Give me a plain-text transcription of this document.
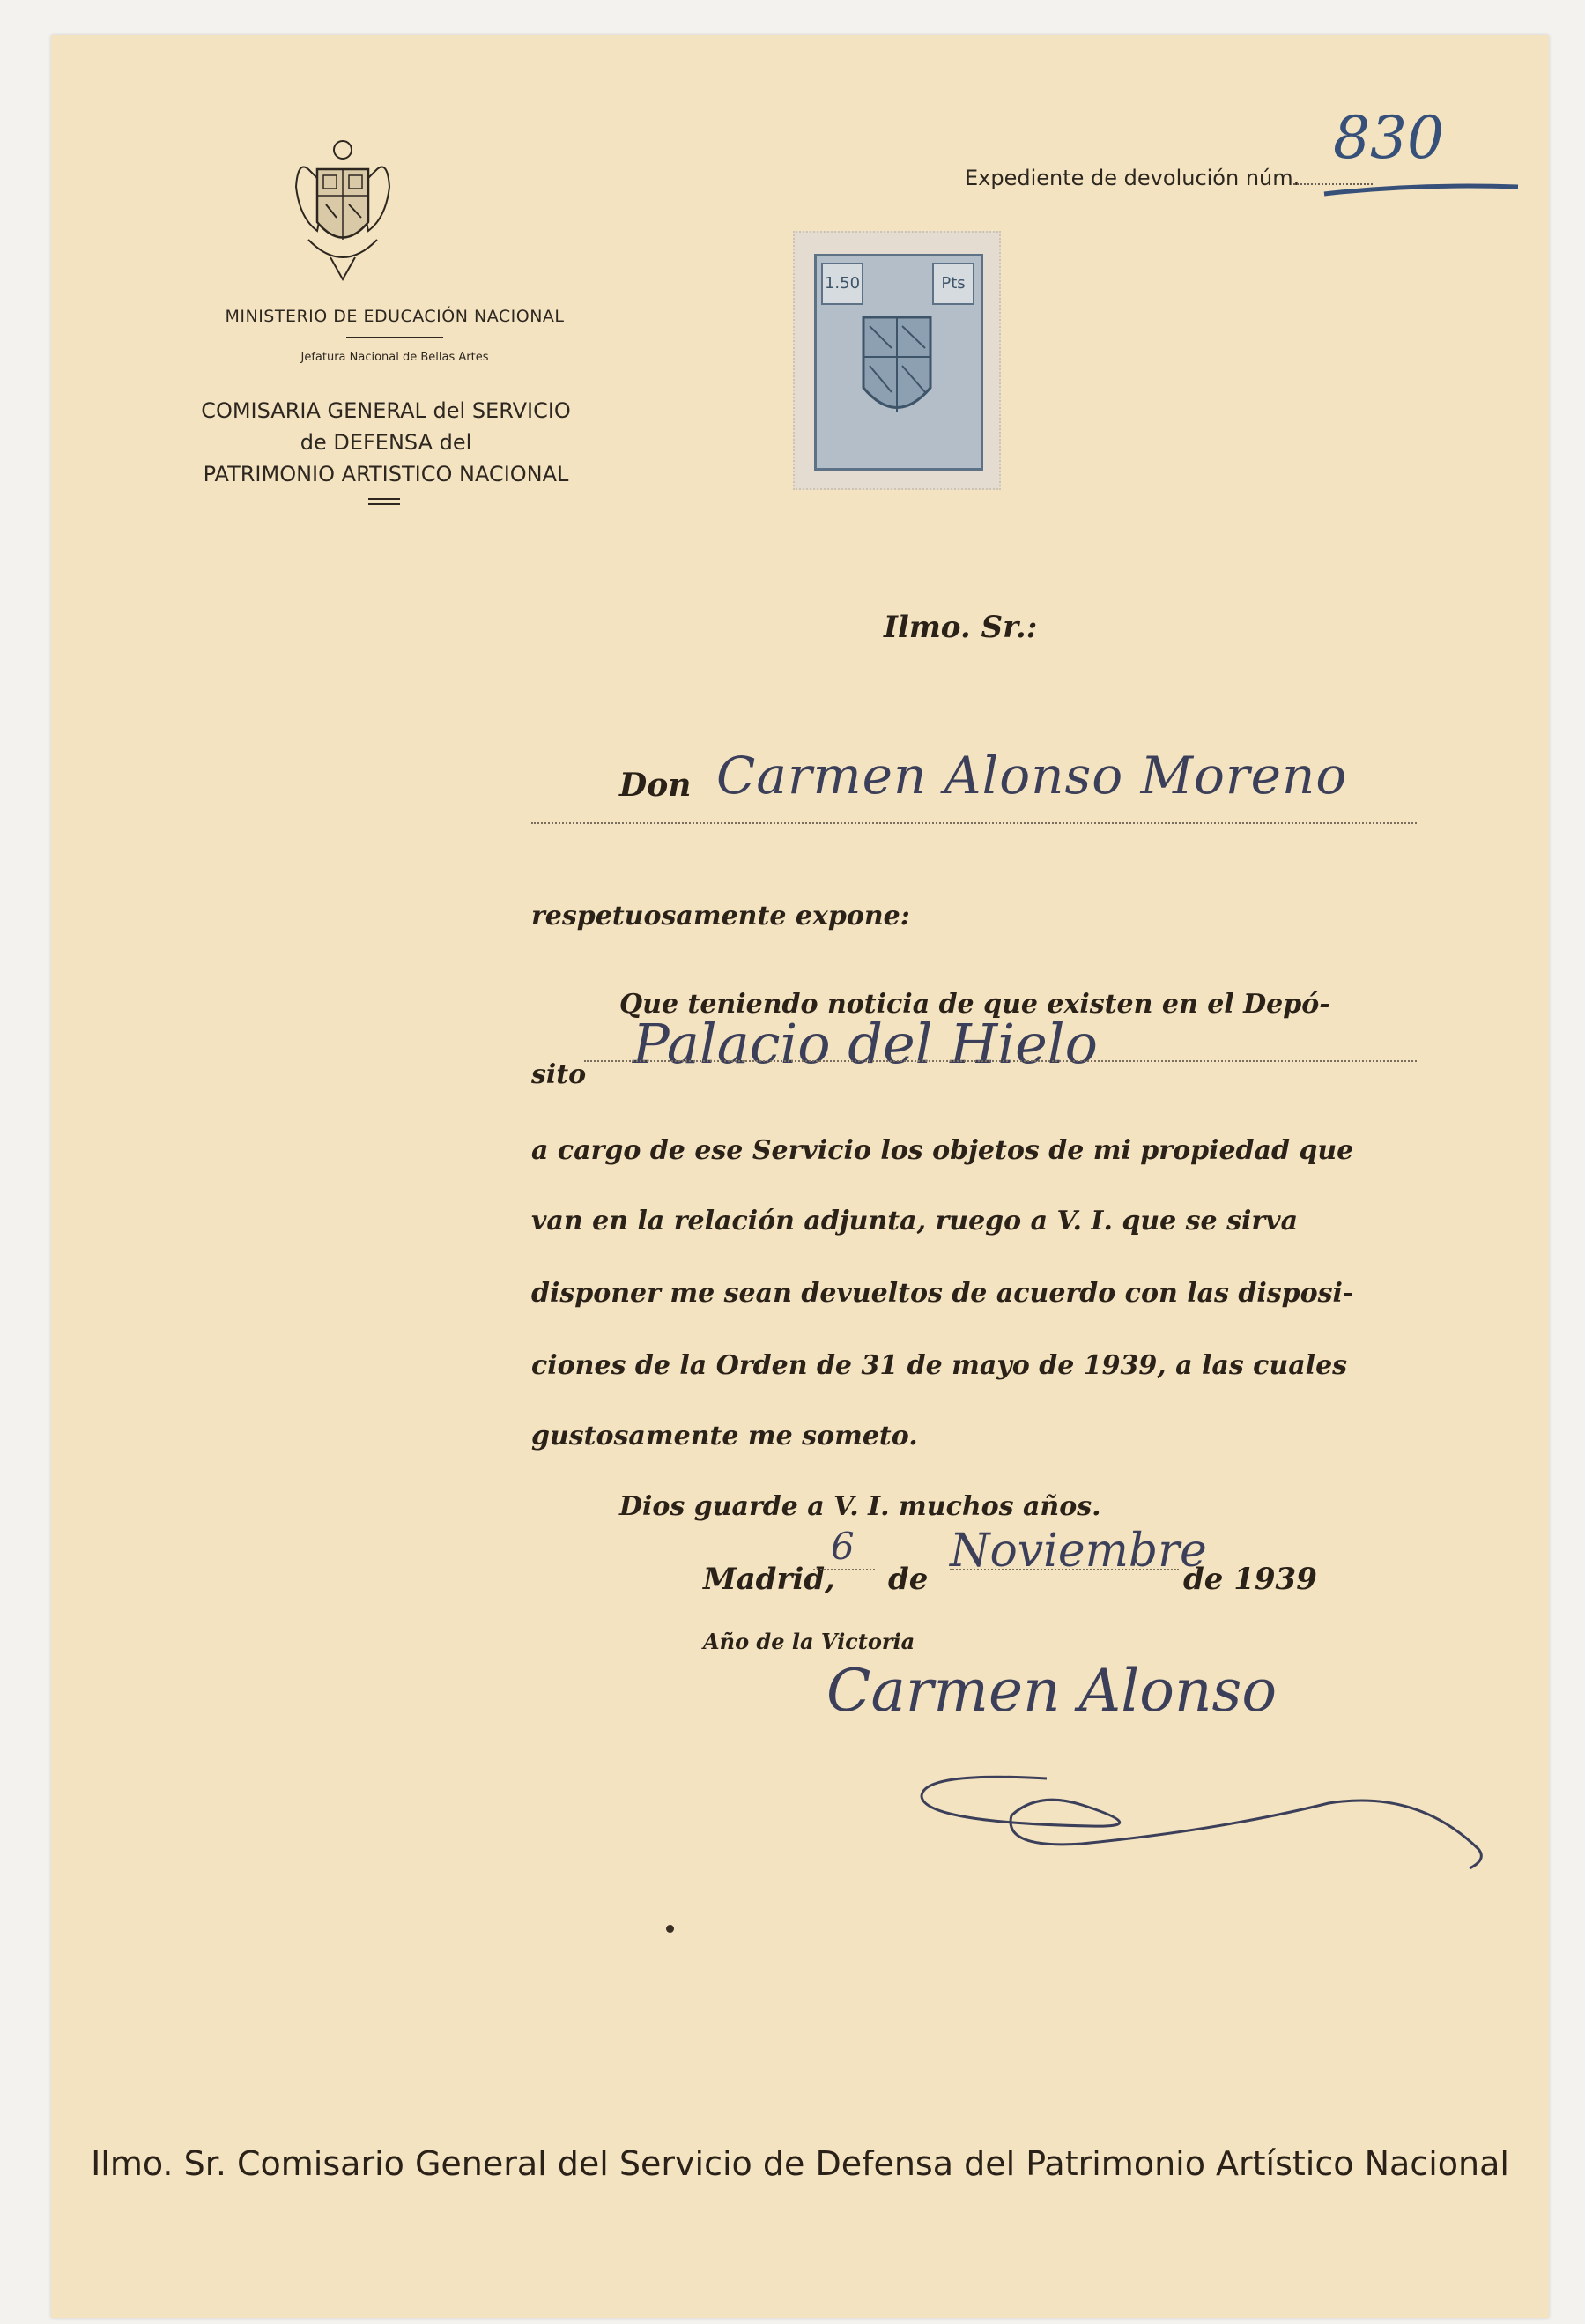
MINISTERIO DE EDUCACIÓN NACIONAL
Jefatura Nacional de Bellas Artes
COMISARIA GENERAL del SERVICIO
de DEFENSA del
PATRIMONIO ARTISTICO NACIONAL
Expediente de devolución núm.
830
1.50	Pts
Ilmo. Sr.:
Don Carmen Alonso Moreno
respetuosamente expone:
Que teniendo noticia de que existen en el Depó-
sito Palacio del Hielo
a cargo de ese Servicio los objetos de mi propiedad que
van en la relación adjunta, ruego a V. I. que se sirva
disponer me sean devueltos de acuerdo con las disposi-
ciones de la Orden de 31 de mayo de 1939, a las cuales
gustosamente me someto.
Dios guarde a V. I. muchos años.
Madrid,
6
de
Noviembre
de 1939
Año de la Victoria
Carmen Alonso
Ilmo. Sr. Comisario General del Servicio de Defensa del Patrimonio Artístico Nacional
